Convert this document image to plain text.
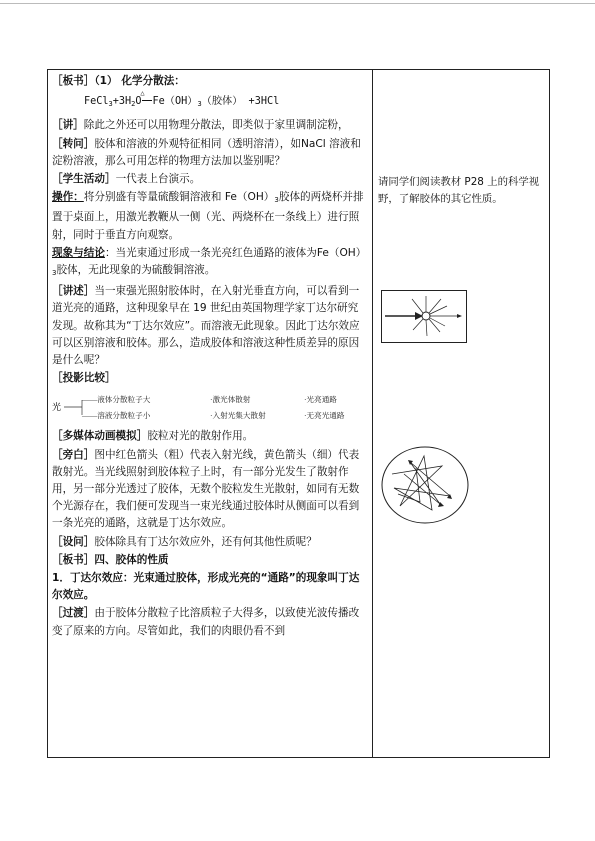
［板书］（1） 化学分散法：

$FeCl_3+3H_2O$
△
$Fe(OH)_3$（胶体） +3HCl

［讲］除此之外还可以用物理分散法，即类似于家里调制淀粉，

［转问］胶体和溶液的外观特征相同（透明溶清），如NaCl 溶液和淀粉溶液，那么可用怎样的物理方法加以鉴别呢？

［学生活动］一代表上台演示。

操作：将分别盛有等量硫酸铜溶液和 $Fe(OH)_3$胶体的两烧杯并排置于桌面上，用激光教鞭从一侧（光、两烧杯在一条线上）进行照射，同时于垂直方向观察。

现象与结论：当光束通过形成一条光亮红色通路的液体为$Fe(OH)_3$胶体，无此现象的为硫酸铜溶液。

［讲述］当一束强光照射胶体时，在入射光垂直方向，可以看到一道光亮的通路，这种现象早在 19 世纪由英国物理学家丁达尔研究发现。故称其为“丁达尔效应”。而溶液无此现象。因此丁达尔效应可以区别溶液和胶体。那么，造成胶体和溶液这种性质差异的原因是什么呢？

［投影比较］

光
——液体分散粒子大	·激光体散射	·光亮通路
——溶液分散粒子小	·入射光集大散射	·无亮光通路

［多媒体动画模拟］胶粒对光的散射作用。

［旁白］图中红色箭头（粗）代表入射光线，黄色箭头（细）代表散射光。当光线照射到胶体粒子上时，有一部分光发生了散射作用，另一部分光透过了胶体，无数个胶粒发生光散射，如同有无数个光源存在，我们便可发现当一束光线通过胶体时从侧面可以看到一条光亮的通路，这就是丁达尔效应。

［设问］胶体除具有丁达尔效应外，还有何其他性质呢？

［板书］四、胶体的性质

1．丁达尔效应：光束通过胶体，形成光亮的“通路”的现象叫丁达尔效应。

［过渡］由于胶体分散粒子比溶质粒子大得多，以致使光波传播改变了原来的方向。尽管如此，我们的肉眼仍看不到

请同学们阅读教材 P28 上的科学视野，了解胶体的其它性质。
